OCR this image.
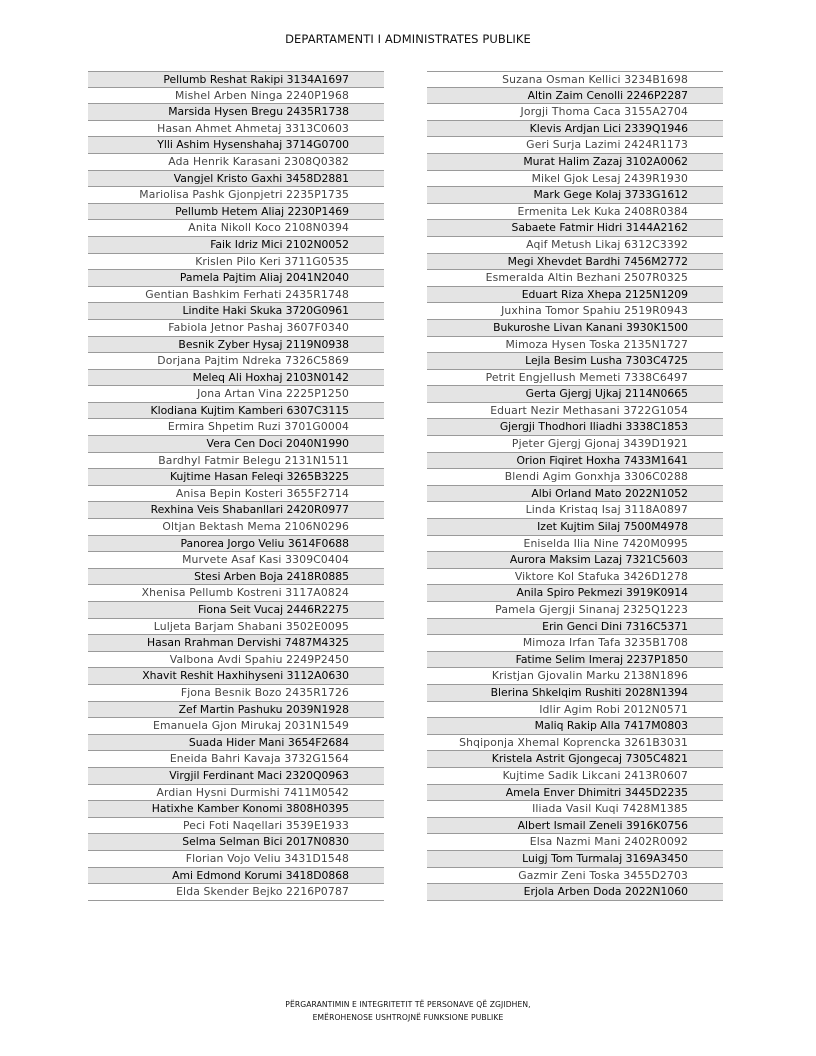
DEPARTAMENTI I ADMINISTRATES PUBLIKE
Pellumb Reshat Rakipi 3134A1697
Mishel Arben Ninga 2240P1968
Marsida Hysen Bregu 2435R1738
Hasan Ahmet Ahmetaj 3313C0603
Ylli Ashim Hysenshahaj 3714G0700
Ada Henrik Karasani 2308Q0382
Vangjel Kristo Gaxhi 3458D2881
Mariolisa Pashk Gjonpjetri 2235P1735
Pellumb Hetem Aliaj 2230P1469
Anita Nikoll Koco 2108N0394
Faik Idriz Mici 2102N0052
Krislen Pilo Keri 3711G0535
Pamela Pajtim Aliaj 2041N2040
Gentian Bashkim Ferhati 2435R1748
Lindite Haki Skuka 3720G0961
Fabiola Jetnor Pashaj 3607F0340
Besnik Zyber Hysaj 2119N0938
Dorjana Pajtim Ndreka 7326C5869
Meleq Ali Hoxhaj 2103N0142
Jona Artan Vina 2225P1250
Klodiana Kujtim Kamberi 6307C3115
Ermira Shpetim Ruzi 3701G0004
Vera Cen Doci 2040N1990
Bardhyl Fatmir Belegu 2131N1511
Kujtime Hasan Feleqi 3265B3225
Anisa Bepin Kosteri 3655F2714
Rexhina Veis Shabanllari 2420R0977
Oltjan Bektash Mema 2106N0296
Panorea Jorgo Veliu 3614F0688
Murvete Asaf Kasi 3309C0404
Stesi Arben Boja 2418R0885
Xhenisa Pellumb Kostreni 3117A0824
Fiona Seit Vucaj 2446R2275
Luljeta Barjam Shabani 3502E0095
Hasan Rrahman Dervishi 7487M4325
Valbona Avdi Spahiu 2249P2450
Xhavit Reshit Haxhihyseni 3112A0630
Fjona Besnik Bozo 2435R1726
Zef Martin Pashuku 2039N1928
Emanuela Gjon Mirukaj 2031N1549
Suada Hider Mani 3654F2684
Eneida Bahri Kavaja 3732G1564
Virgjil Ferdinant Maci 2320Q0963
Ardian Hysni Durmishi 7411M0542
Hatixhe Kamber Konomi 3808H0395
Peci Foti Naqellari 3539E1933
Selma Selman Bici 2017N0830
Florian Vojo Veliu 3431D1548
Ami Edmond Korumi 3418D0868
Elda Skender Bejko 2216P0787
Suzana Osman Kellici 3234B1698
Altin Zaim Cenolli 2246P2287
Jorgji Thoma Caca 3155A2704
Klevis Ardjan Lici 2339Q1946
Geri Surja Lazimi 2424R1173
Murat Halim Zazaj 3102A0062
Mikel Gjok Lesaj 2439R1930
Mark Gege Kolaj 3733G1612
Ermenita Lek Kuka 2408R0384
Sabaete Fatmir Hidri 3144A2162
Aqif Metush Likaj 6312C3392
Megi Xhevdet Bardhi 7456M2772
Esmeralda Altin Bezhani 2507R0325
Eduart Riza Xhepa 2125N1209
Juxhina Tomor Spahiu 2519R0943
Bukuroshe Livan Kanani 3930K1500
Mimoza Hysen Toska 2135N1727
Lejla Besim Lusha 7303C4725
Petrit Engjellush Memeti 7338C6497
Gerta Gjergj Ujkaj 2114N0665
Eduart Nezir Methasani 3722G1054
Gjergji Thodhori Iliadhi 3338C1853
Pjeter Gjergj Gjonaj 3439D1921
Orion Fiqiret Hoxha 7433M1641
Blendi Agim Gonxhja 3306C0288
Albi Orland Mato 2022N1052
Linda Kristaq Isaj 3118A0897
Izet Kujtim Silaj 7500M4978
Eniselda Ilia Nine 7420M0995
Aurora Maksim Lazaj 7321C5603
Viktore Kol Stafuka 3426D1278
Anila Spiro Pekmezi 3919K0914
Pamela Gjergji Sinanaj 2325Q1223
Erin Genci Dini 7316C5371
Mimoza Irfan Tafa 3235B1708
Fatime Selim Imeraj 2237P1850
Kristjan Gjovalin Marku 2138N1896
Blerina Shkelqim Rushiti 2028N1394
Idlir Agim Robi 2012N0571
Maliq Rakip Alla 7417M0803
Shqiponja Xhemal Koprencka 3261B3031
Kristela Astrit Gjongecaj 7305C4821
Kujtime Sadik Likcani 2413R0607
Amela Enver Dhimitri 3445D2235
Iliada Vasil Kuqi 7428M1385
Albert Ismail Zeneli 3916K0756
Elsa Nazmi Mani 2402R0092
Luigj Tom Turmalaj 3169A3450
Gazmir Zeni Toska 3455D2703
Erjola Arben Doda 2022N1060
PËRGARANTIMIN E INTEGRITETIT TË PERSONAVE QË ZGJIDHEN,
EMËROHENOSE USHTROJNË FUNKSIONE PUBLIKE
